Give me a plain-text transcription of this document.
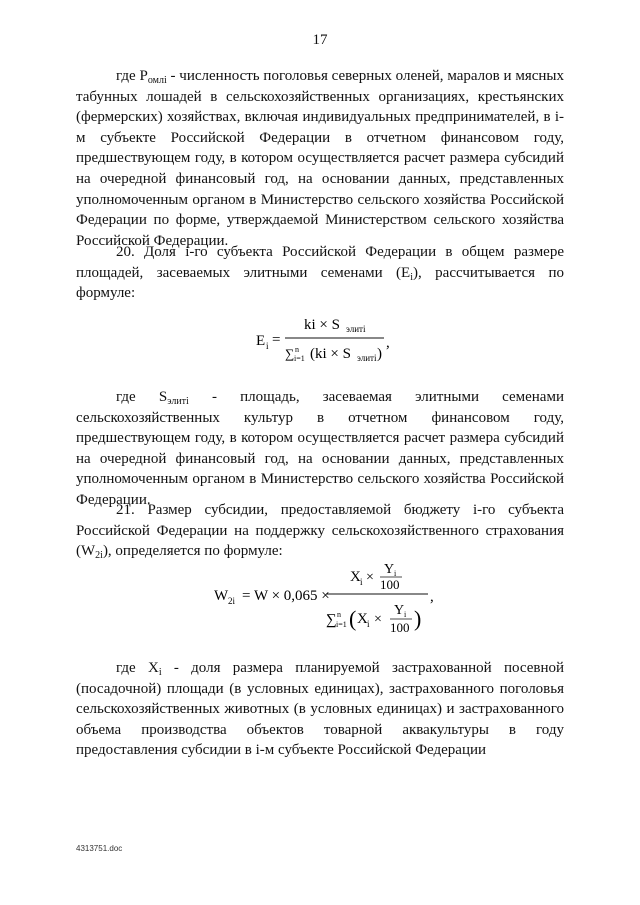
17

где $P_{омлi}$ - численность поголовья северных оленей, маралов и мясных табунных лошадей в сельскохозяйственных организациях, крестьянских (фермерских) хозяйствах, включая индивидуальных предпринимателей, в i-м субъекте Российской Федерации в отчетном финансовом году, предшествующем году, в котором осуществляется расчет размера субсидий на очередной финансовый год, на основании данных, представленных уполномоченным органом в Министерство сельского хозяйства Российской Федерации по форме, утверждаемой Министерством сельского хозяйства Российской Федерации.

20. Доля i-го субъекта Российской Федерации в общем размере площадей, засеваемых элитными семенами $(E_i)$, рассчитывается по формуле:

E i =
ki × S элитi
∑ n
i=1 (ki × S элитi )
,

где $S_{элитi}$ - площадь, засеваемая элитными семенами сельскохозяйственных культур в отчетном финансовом году, предшествующем году, в котором осуществляется расчет размера субсидий на очередной финансовый год, на основании данных, представленных уполномоченным органом в Министерство сельского хозяйства Российской Федерации.

21. Размер субсидии, предоставляемой бюджету i-го субъекта Российской Федерации на поддержку сельскохозяйственного страхования $(W_{2i})$, определяется по формуле:

W 2i = W × 0,065 ×
X i ×
Y i
100
∑ n
i=1 ( X i ×
Y i
100 )
,

где $X_i$ - доля размера планируемой застрахованной посевной (посадочной) площади (в условных единицах), застрахованного поголовья сельскохозяйственных животных (в условных единицах) и застрахованного объема производства объектов товарной аквакультуры в году предоставления субсидии в i-м субъекте Российской Федерации

4313751.doc
